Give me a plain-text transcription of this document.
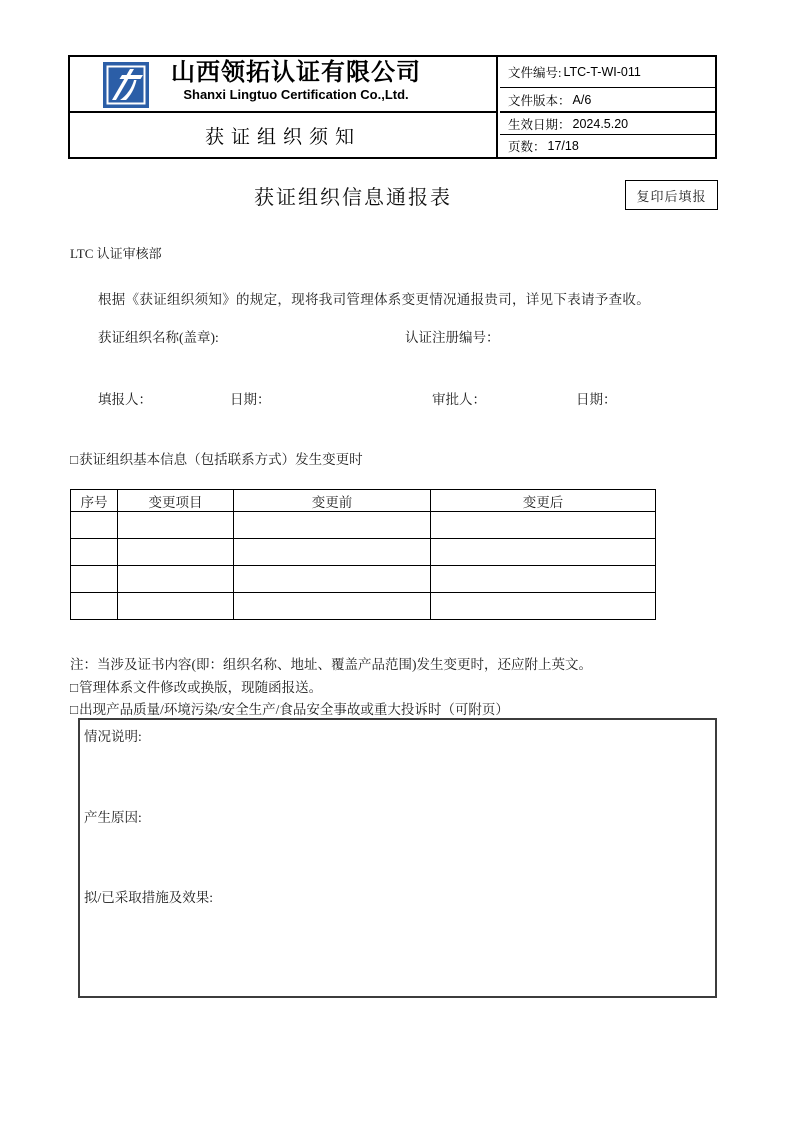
山西领拓认证有限公司
Shanxi Lingtuo Certification Co.,Ltd.
获证组织须知
文件编号: LTC-T-WI-011
文件版本： A/6
生效日期： 2024.5.20
页数： 17/18
获证组织信息通报表	复印后填报
LTC 认证审核部
根据《获证组织须知》的规定，现将我司管理体系变更情况通报贵司，详见下表请予查收。
获证组织名称(盖章):	认证注册编号：
填报人：	日期：	审批人：	日期：
□获证组织基本信息（包括联系方式）发生变更时
序号	变更项目	变更前	变更后

注：当涉及证书内容(即：组织名称、地址、覆盖产品范围)发生变更时，还应附上英文。
□管理体系文件修改或换版，现随函报送。
□出现产品质量/环境污染/安全生产/食品安全事故或重大投诉时（可附页）
情况说明:
产生原因:
拟/已采取措施及效果:
